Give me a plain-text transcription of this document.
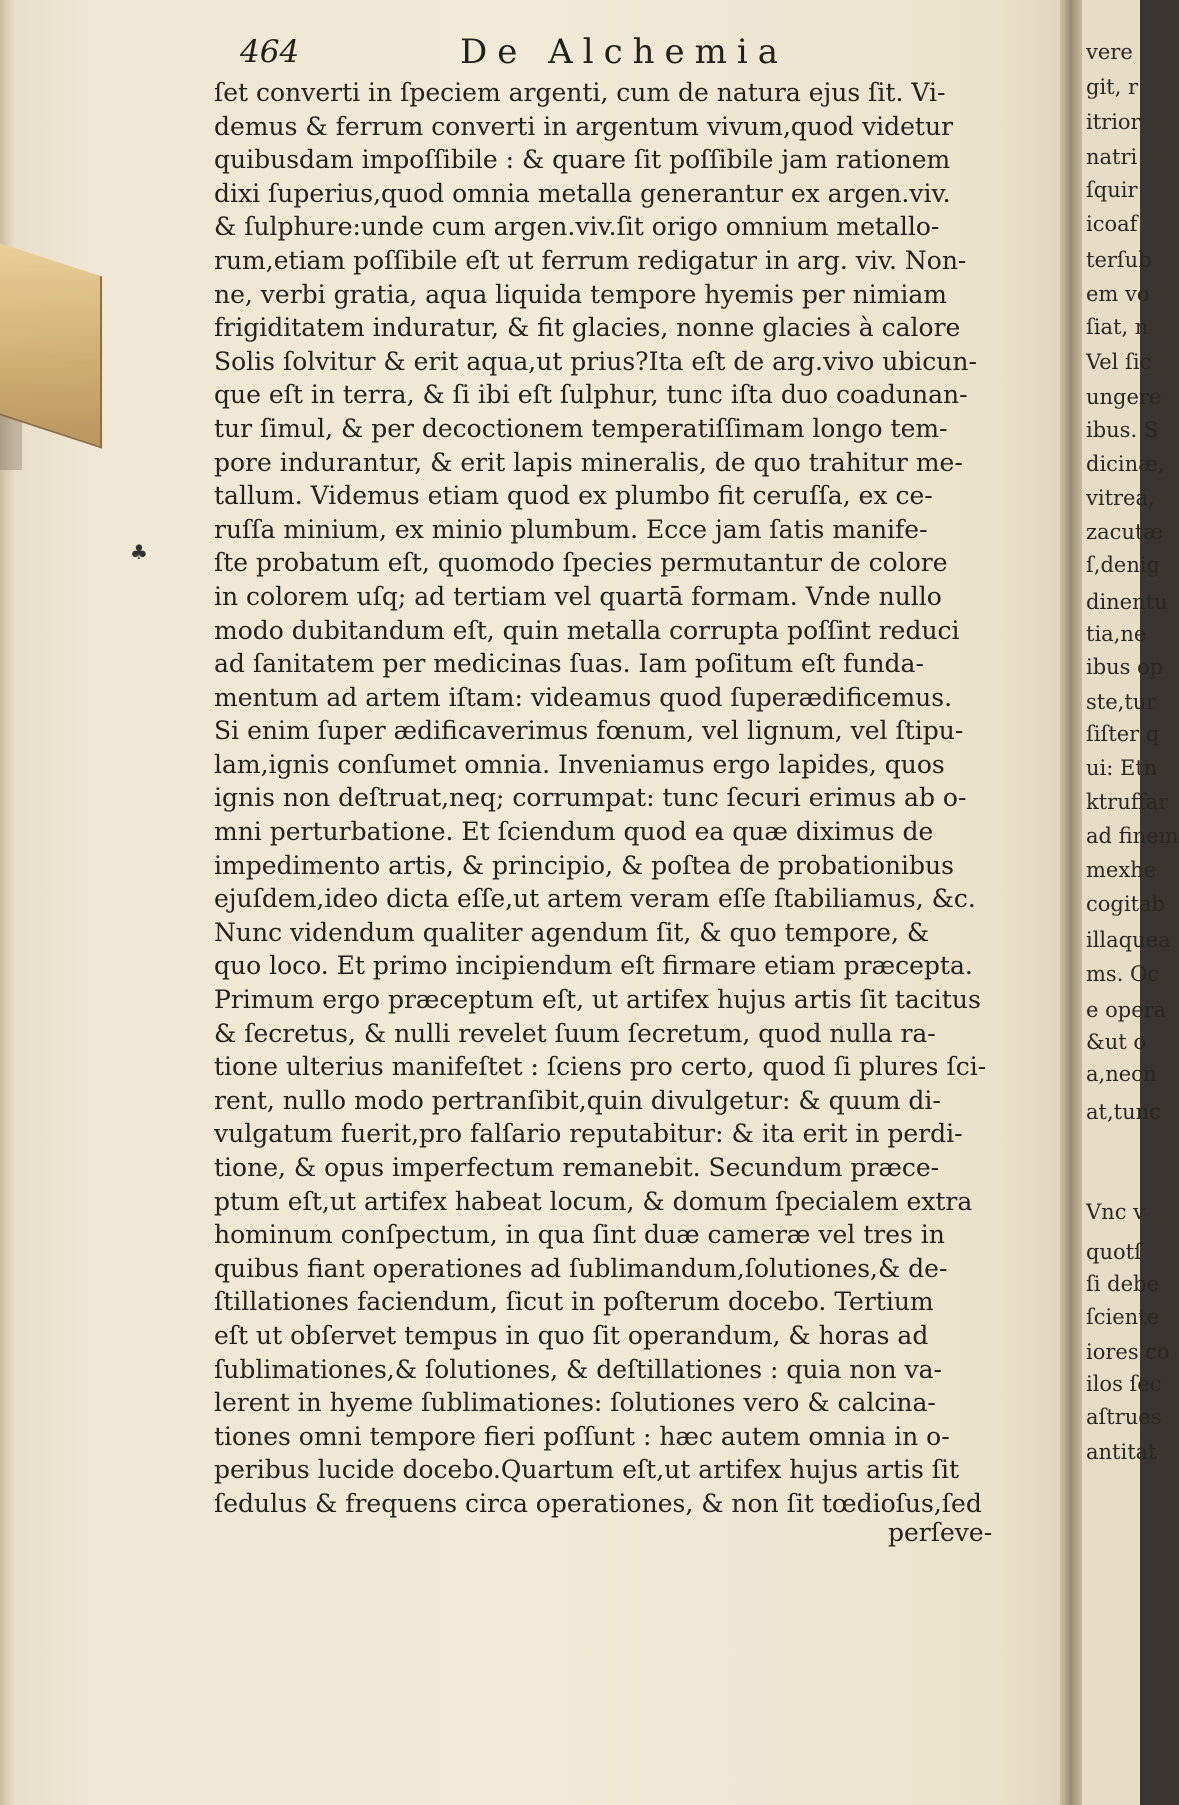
464	De Alchemia
♣
ſet converti in ſpeciem argenti, cum de natura ejus ſit. Vi-
demus & ferrum converti in argentum vivum,quod videtur
quibusdam impoſſibile : & quare ſit poſſibile jam rationem
dixi ſuperius,quod omnia metalla generantur ex argen.viv.
& ſulphure:unde cum argen.viv.ſit origo omnium metallo-
rum,etiam poſſibile eſt ut ferrum redigatur in arg. viv. Non-
ne, verbi gratia, aqua liquida tempore hyemis per nimiam
frigiditatem induratur, & fit glacies, nonne glacies à calore
Solis ſolvitur & erit aqua,ut prius?Ita eſt de arg.vivo ubicun-
que eſt in terra, & ſi ibi eſt ſulphur, tunc iſta duo coadunan-
tur ſimul, & per decoctionem temperatiſſimam longo tem-
pore indurantur, & erit lapis mineralis, de quo trahitur me-
tallum. Videmus etiam quod ex plumbo fit ceruſſa, ex ce-
ruſſa minium, ex minio plumbum. Ecce jam ſatis manife-
ſte probatum eſt, quomodo ſpecies permutantur de colore
in colorem uſq; ad tertiam vel quartā formam. Vnde nullo
modo dubitandum eſt, quin metalla corrupta poſſint reduci
ad ſanitatem per medicinas ſuas. Iam poſitum eſt funda-
mentum ad artem iſtam: videamus quod ſuperædificemus.
Si enim ſuper ædificaverimus fœnum, vel lignum, vel ſtipu-
lam,ignis conſumet omnia. Inveniamus ergo lapides, quos
ignis non deſtruat,neq; corrumpat: tunc ſecuri erimus ab o-
mni perturbatione. Et ſciendum quod ea quæ diximus de
impedimento artis, & principio, & poſtea de probationibus
ejuſdem,ideo dicta eſſe,ut artem veram eſſe ſtabiliamus, &c.
Nunc videndum qualiter agendum ſit, & quo tempore, &
quo loco. Et primo incipiendum eſt firmare etiam præcepta.
Primum ergo præceptum eſt, ut artifex hujus artis ſit tacitus
& ſecretus, & nulli revelet ſuum ſecretum, quod nulla ra-
tione ulterius manifeſtet : ſciens pro certo, quod ſi plures ſci-
rent, nullo modo pertranſibit,quin divulgetur: & quum di-
vulgatum fuerit,pro falſario reputabitur: & ita erit in perdi-
tione, & opus imperfectum remanebit. Secundum præce-
ptum eſt,ut artifex habeat locum, & domum ſpecialem extra
hominum conſpectum, in qua ſint duæ cameræ vel tres in
quibus fiant operationes ad ſublimandum,ſolutiones,& de-
ſtillationes faciendum, ſicut in poſterum docebo. Tertium
eſt ut obſervet tempus in quo ſit operandum, & horas ad
ſublimationes,& ſolutiones, & deſtillationes : quia non va-
lerent in hyeme ſublimationes: ſolutiones vero & calcina-
tiones omni tempore fieri poſſunt : hæc autem omnia in o-
peribus lucide docebo.Quartum eſt,ut artifex hujus artis ſit
ſedulus & frequens circa operationes, & non ſit tœdioſus,ſed
perſeve-
vere
git, r
itrior
natri
ſquir
icoaf
terſub
em vo
ſiat, n
Vel ſic
ungere
ibus. S
dicinæ,
vitrea,
zacutæ
ſ,denig
dinentu
tia,ne
ibus op
ste,tur
ſiſter q
ui: Etn
ktruffar
ad finem
mexhe
cogitab
illaquea
ms. Oc
e opera
&ut o
a,necn
at,tunc
Vnc v
quotſ
ſi debe
ſciente
iores co
ilos ſec
aſtrues
antitat
